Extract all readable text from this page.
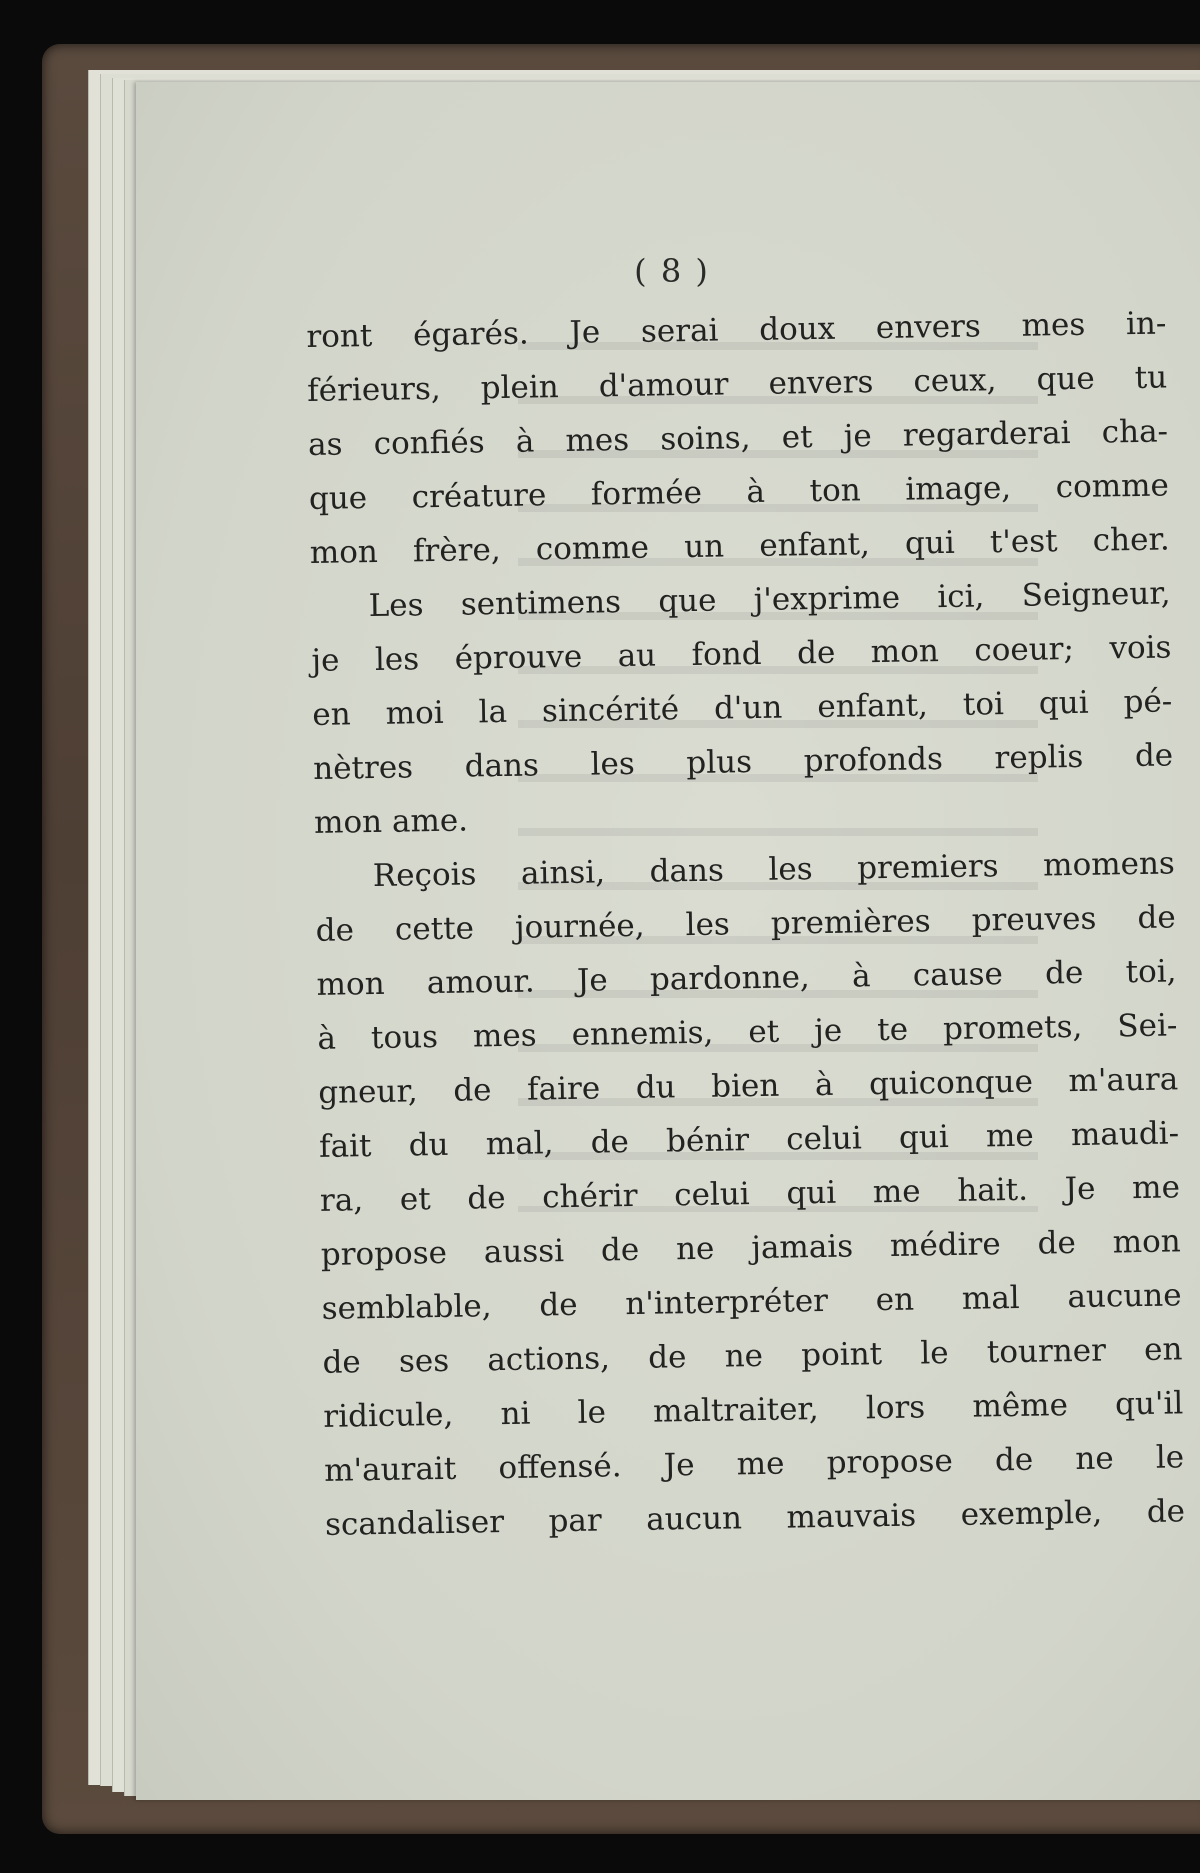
( 8 )

ront égarés. Je serai doux envers mes in-
férieurs, plein d'amour envers ceux, que tu
as confiés à mes soins, et je regarderai cha-
que créature formée à ton image, comme
mon frère, comme un enfant, qui t'est cher.

Les sentimens que j'exprime ici, Seigneur,
je les éprouve au fond de mon coeur; vois
en moi la sincérité d'un enfant, toi qui pé-
nètres dans les plus profonds replis de
mon ame.

Reçois ainsi, dans les premiers momens
de cette journée, les premières preuves de
mon amour. Je pardonne, à cause de toi,
à tous mes ennemis, et je te promets, Sei-
gneur, de faire du bien à quiconque m'aura
fait du mal, de bénir celui qui me maudi-
ra, et de chérir celui qui me hait. Je me
propose aussi de ne jamais médire de mon
semblable, de n'interpréter en mal aucune
de ses actions, de ne point le tourner en
ridicule, ni le maltraiter, lors même qu'il
m'aurait offensé. Je me propose de ne le
scandaliser par aucun mauvais exemple, de
